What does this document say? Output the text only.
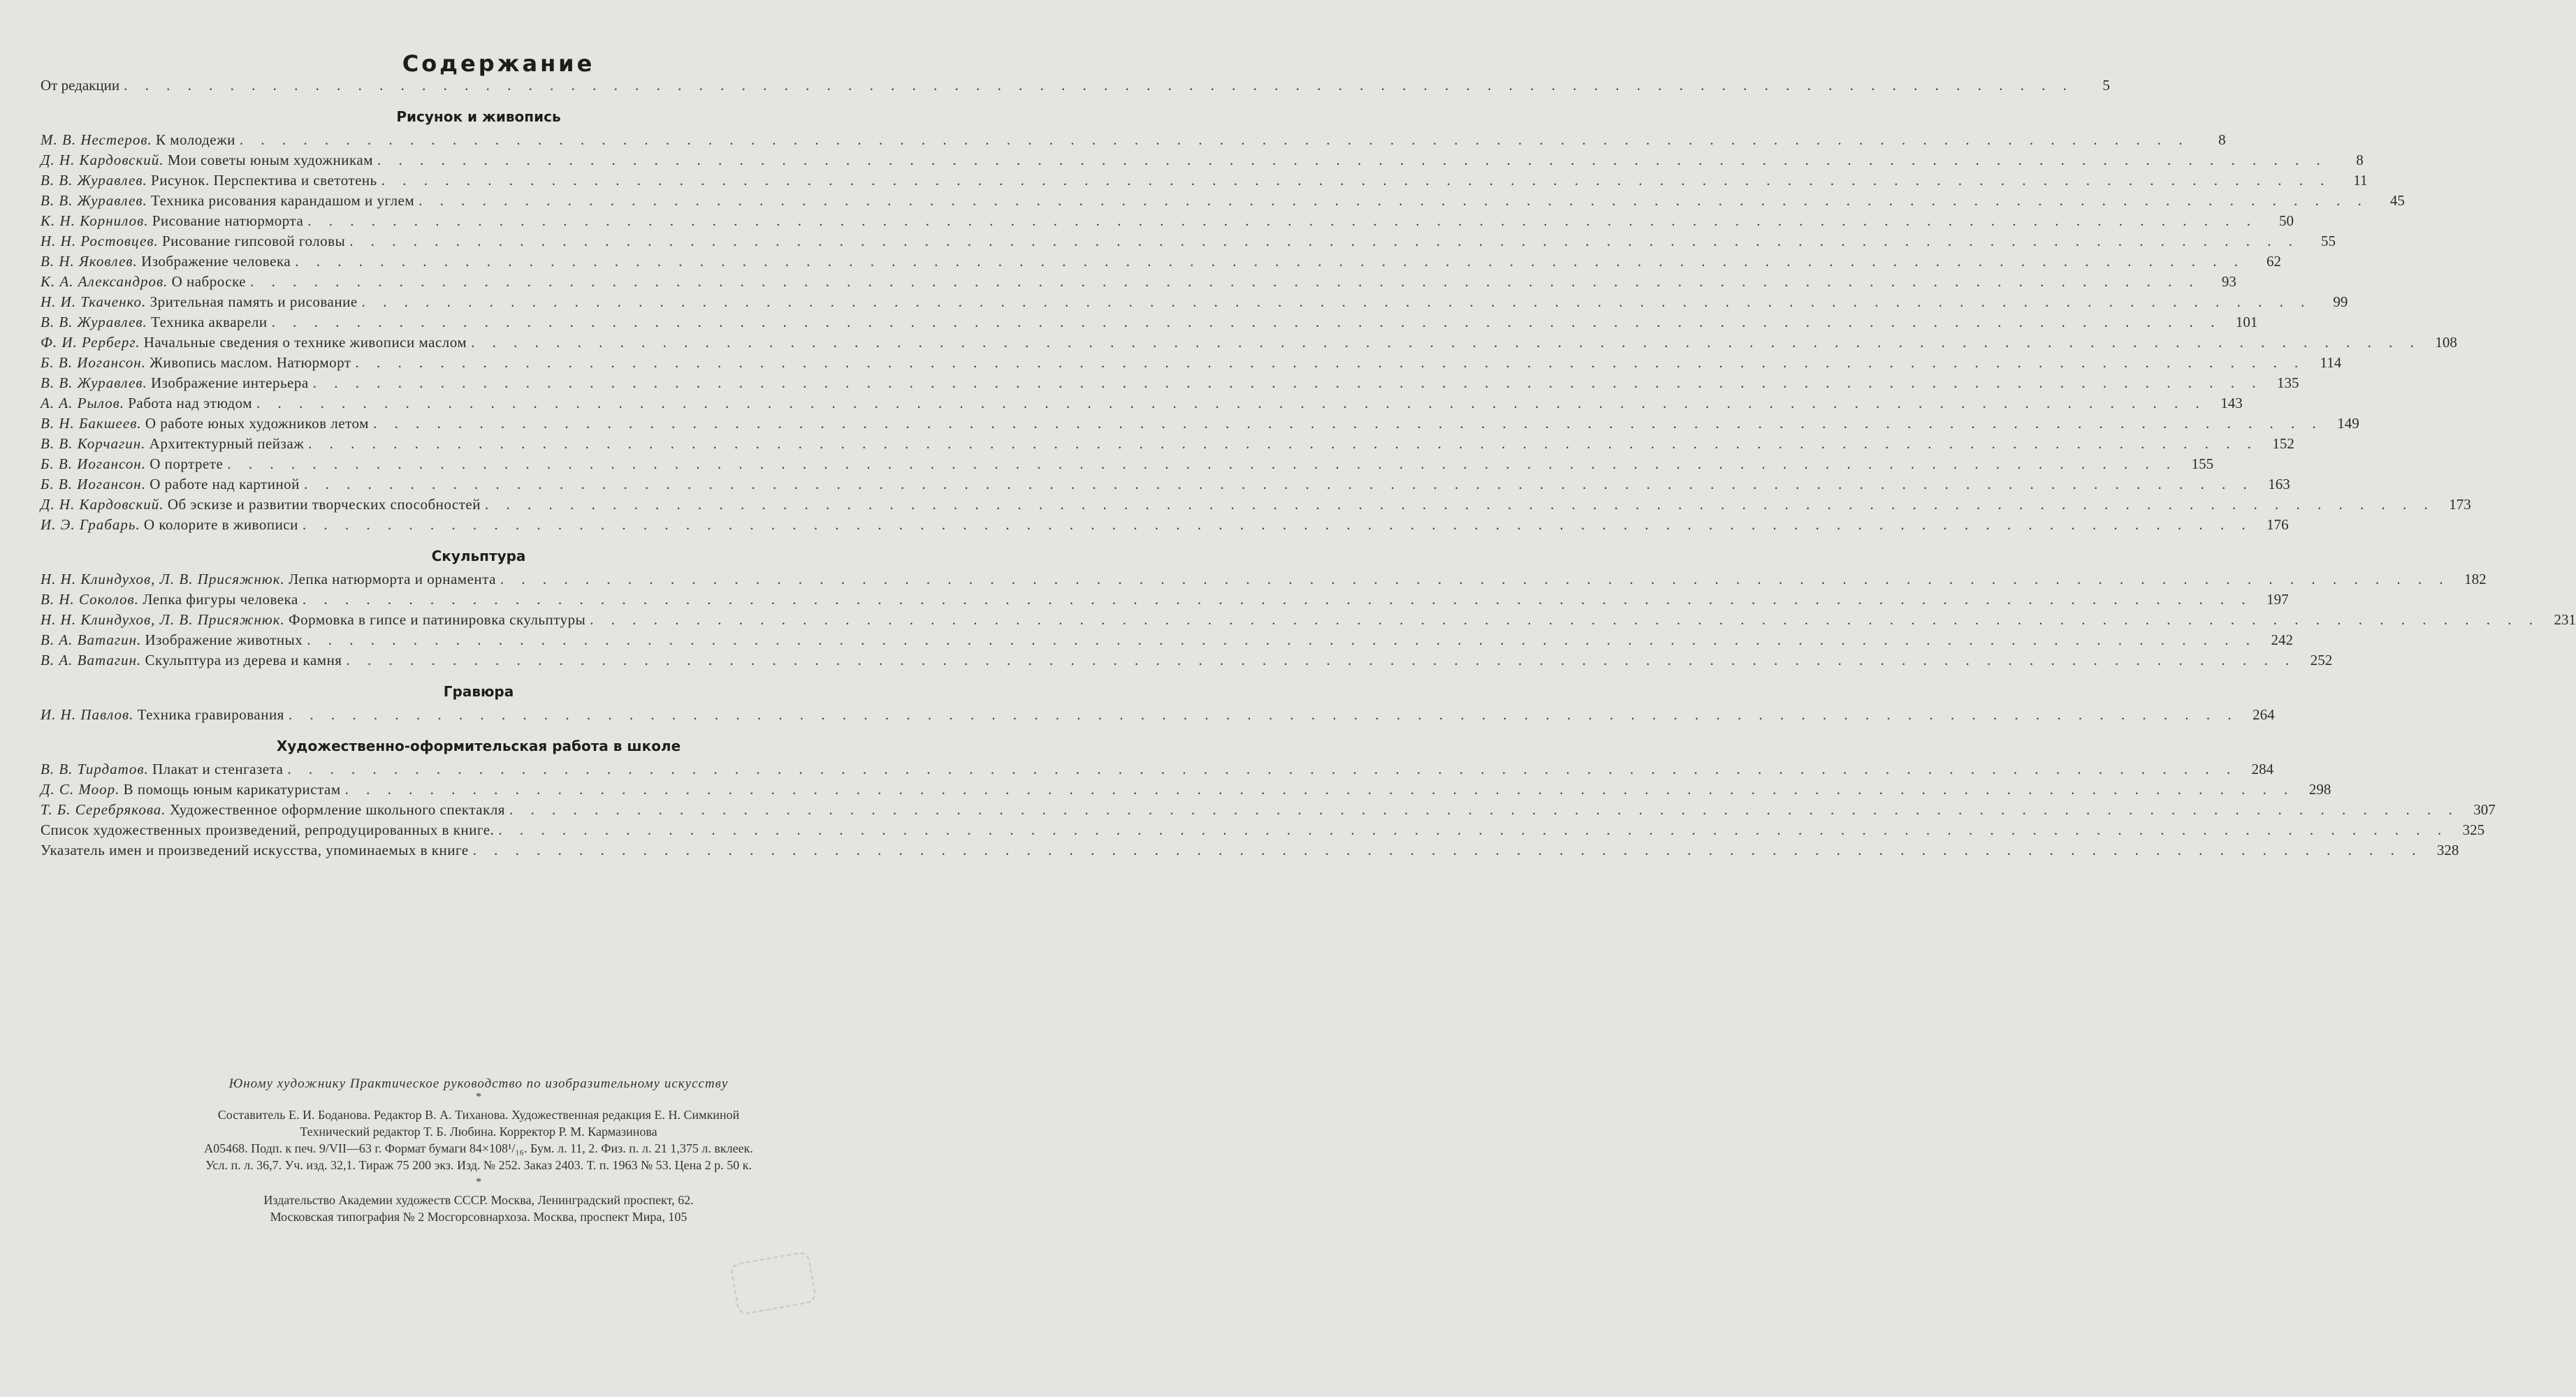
Содержание
От редакции . . .	5
Рисунок и живопись
М. В. Нестеров. К молодежи . . .	8
Д. Н. Кардовский. Мои советы юным художникам . . .	8
В. В. Журавлев. Рисунок. Перспектива и светотень . . .	11
В. В. Журавлев. Техника рисования карандашом и углем . . .	45
К. Н. Корнилов. Рисование натюрморта . . .	50
Н. Н. Ростовцев. Рисование гипсовой головы . . .	55
В. Н. Яковлев. Изображение человека . . .	62
К. А. Александров. О наброске . . .	93
Н. И. Ткаченко. Зрительная память и рисование . . .	99
В. В. Журавлев. Техника акварели . . .	101
Ф. И. Рерберг. Начальные сведения о технике живописи маслом . . .	108
Б. В. Иогансон. Живопись маслом. Натюрморт . . .	114
В. В. Журавлев. Изображение интерьера . . .	135
А. А. Рылов. Работа над этюдом . . .	143
В. Н. Бакшеев. О работе юных художников летом . . .	149
В. В. Корчагин. Архитектурный пейзаж . . .	152
Б. В. Иогансон. О портрете . . .	155
Б. В. Иогансон. О работе над картиной . . .	163
Д. Н. Кардовский. Об эскизе и развитии творческих способностей . . .	173
И. Э. Грабарь. О колорите в живописи . . .	176
Скульптура
Н. Н. Клиндухов, Л. В. Присяжнюк. Лепка натюрморта и орнамента . . .	182
В. Н. Соколов. Лепка фигуры человека . . .	197
Н. Н. Клиндухов, Л. В. Присяжнюк. Формовка в гипсе и патинировка скульптуры . . .	231
В. А. Ватагин. Изображение животных . . .	242
В. А. Ватагин. Скульптура из дерева и камня . . .	252
Гравюра
И. Н. Павлов. Техника гравирования . . .	264
Художественно-оформительская работа в школе
В. В. Тирдатов. Плакат и стенгазета . . .	284
Д. С. Моор. В помощь юным карикатуристам . . .	298
Т. Б. Серебрякова. Художественное оформление школьного спектакля . . .	307
Список художественных произведений, репродуцированных в книге. . . .	325
Указатель имен и произведений искусства, упоминаемых в книге . . .	328

Юному художнику Практическое руководство по изобразительному искусству

*

Составитель Е. И. Боданова. Редактор В. А. Тиханова. Художественная редакция Е. Н. Симкиной

Технический редактор Т. Б. Любина. Корректор Р. М. Кармазинова

А05468. Подп. к печ. 9/VII—63 г. Формат бумаги 84×108¹/₁₆. Бум. л. 11, 2. Физ. п. л. 21 1,375 л. вклеек.

Усл. п. л. 36,7. Уч. изд. 32,1. Тираж 75 200 экз. Изд. № 252. Заказ 2403. Т. п. 1963 № 53. Цена 2 р. 50 к.

*

Издательство Академии художеств СССР. Москва, Ленинградский проспект, 62.

Московская типография № 2 Мосгорсовнархоза. Москва, проспект Мира, 105
